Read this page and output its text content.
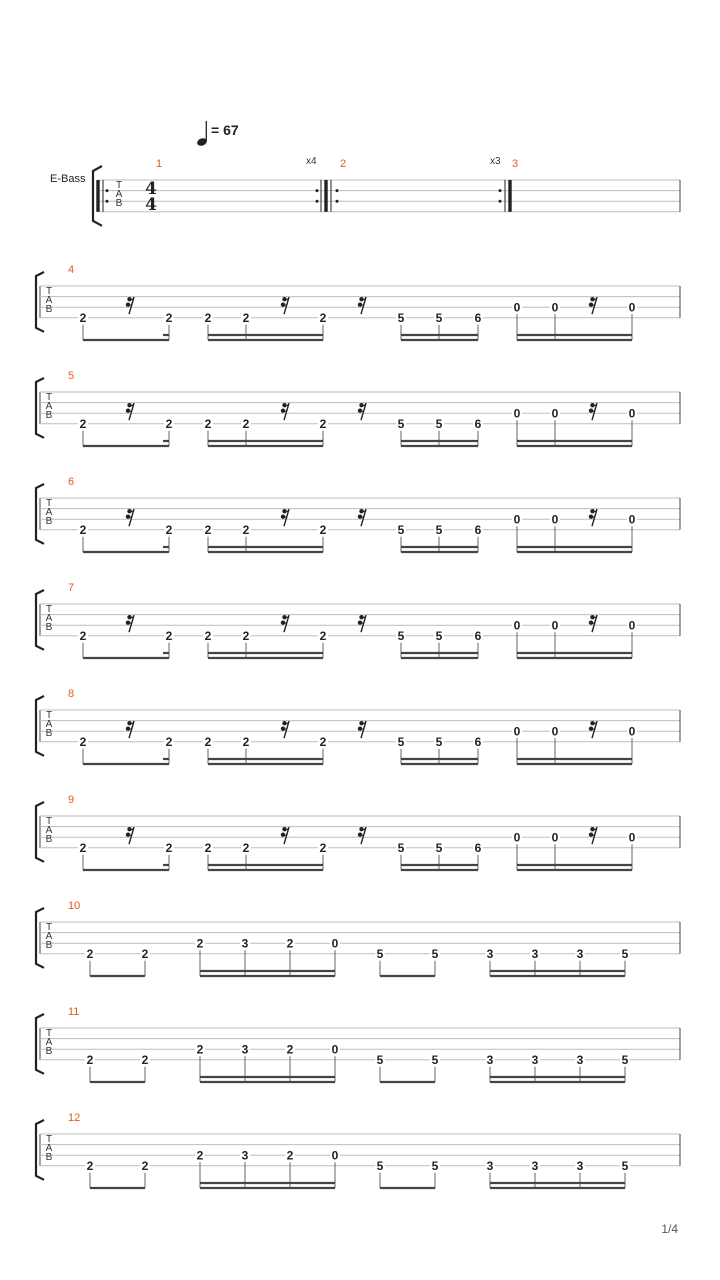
= 67
E-Bass
T
A
B
4
4
1	x4 2	x3 3
T
A
B
4
2	2	2	2	2	5	5	6
0	0	0
T
A
B
5
2	2	2	2	2	5	5	6
0	0	0
T
A
B
6
2	2	2	2	2	5	5	6
0	0	0
T
A
B
7
2	2	2	2	2	5	5	6
0	0	0
T
A
B
8
2	2	2	2	2	5	5	6
0	0	0
T
A
B
9
2	2	2	2	2	5	5	6
0	0	0
T
A
B
10
2	2
2	3	2	0
5	5	3	3	3	5
T
A
B
11
2	2
2	3	2	0
5	5	3	3	3	5
T
A
B
12
2	2
2	3	2	0
5	5	3	3	3	5
1/4
